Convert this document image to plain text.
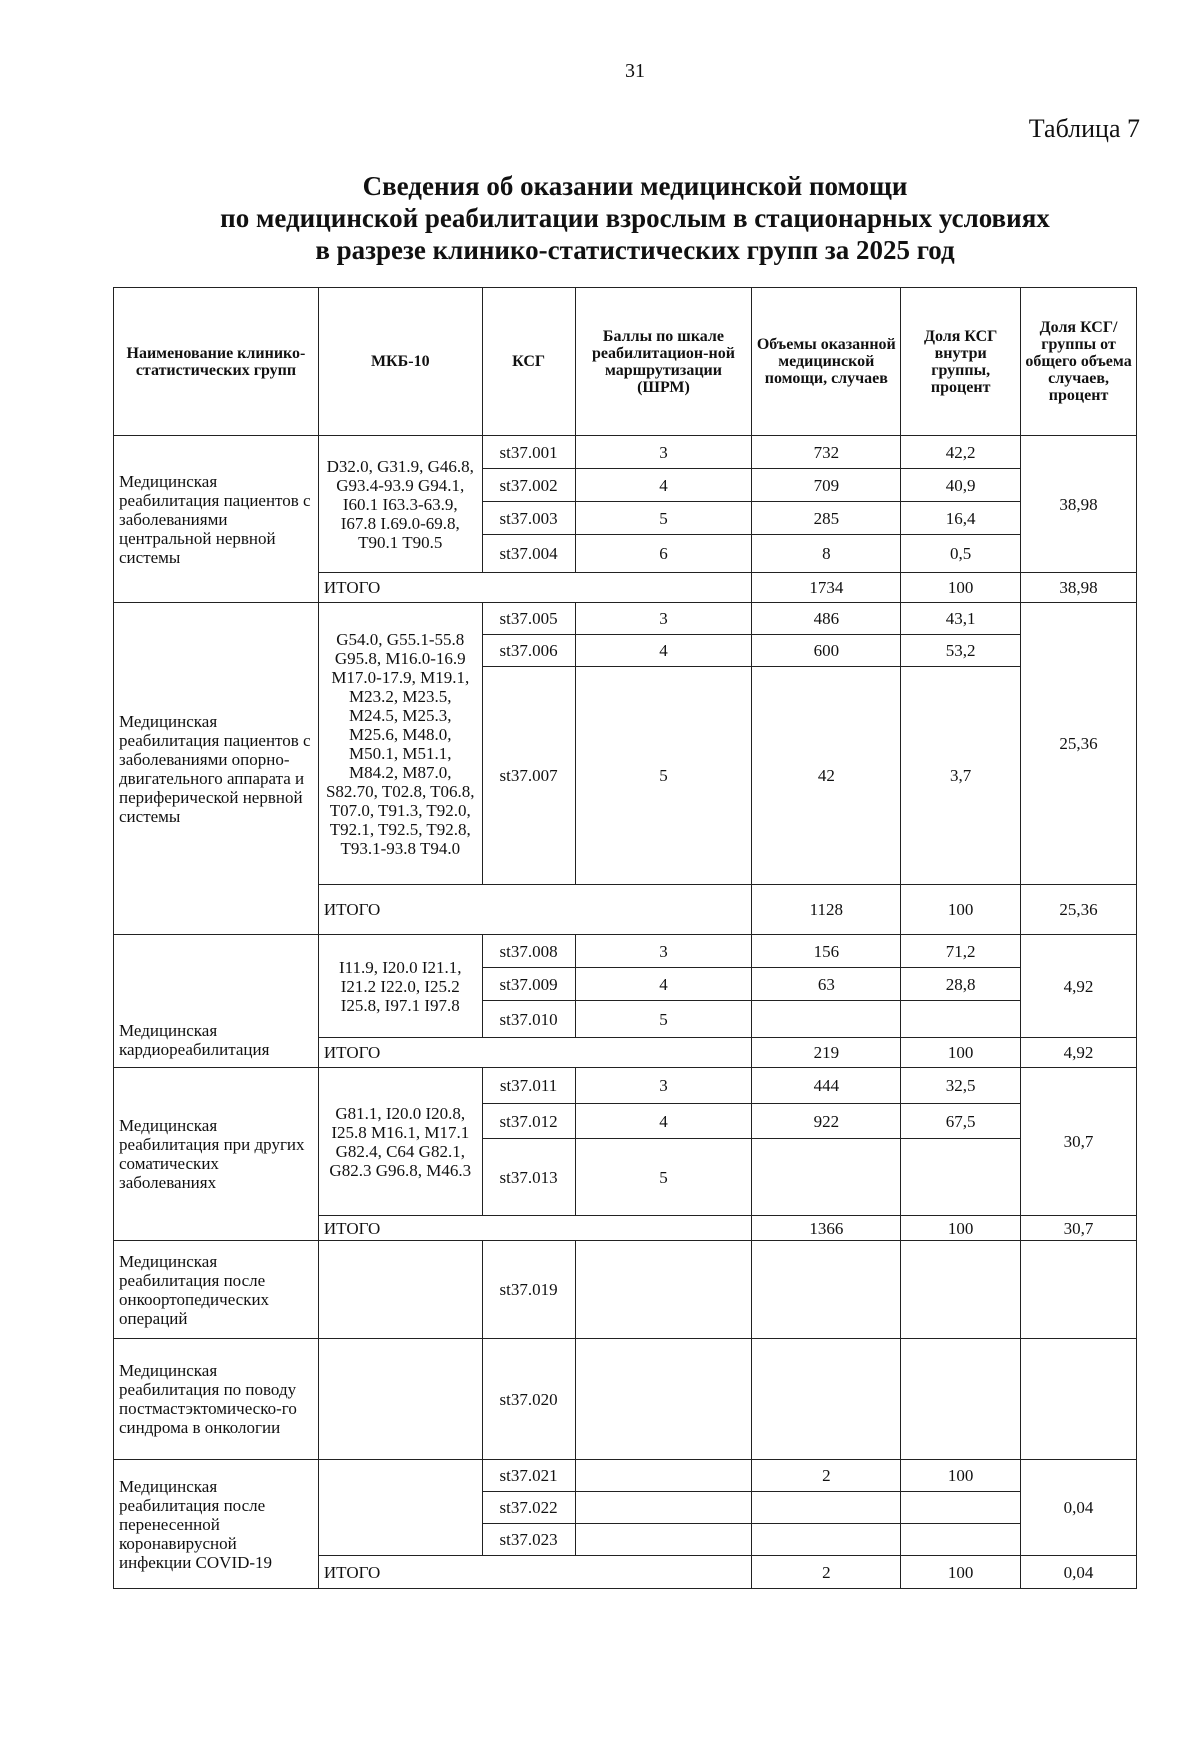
31
Таблица 7
Сведения об оказании медицинской помощи
по медицинской реабилитации взрослым в стационарных условиях
в разрезе клинико-статистических групп за 2025 год
Наименование клинико-статистических групп	МКБ-10	КСГ	Баллы по шкале реабилитацион-ной маршрутизации (ШРМ)	Объемы оказанной медицинской помощи, случаев	Доля КСГ внутри группы, процент	Доля КСГ/ группы от общего объема случаев, процент
Медицинская реабилитация пациентов с заболеваниями центральной нервной системы	D32.0, G31.9, G46.8, G93.4-93.9 G94.1, I60.1 I63.3-63.9, I67.8 I.69.0-69.8, T90.1 T90.5	st37.001	3	732	42,2	38,98
		st37.002	4	709	40,9	
		st37.003	5	285	16,4	
		st37.004	6	8	0,5	
	ИТОГО			1734	100	38,98
Медицинская реабилитация пациентов с заболеваниями опорно-двигательного аппарата и периферической нервной системы	G54.0, G55.1-55.8 G95.8, M16.0-16.9 M17.0-17.9, M19.1, M23.2, M23.5, M24.5, M25.3, M25.6, M48.0, M50.1, M51.1, M84.2, M87.0, S82.70, T02.8, T06.8, T07.0, T91.3, T92.0, T92.1, T92.5, T92.8, T93.1-93.8 T94.0	st37.005	3	486	43,1	25,36
		st37.006	4	600	53,2	
		st37.007	5	42	3,7	
	ИТОГО			1128	100	25,36
Медицинская кардиореабилитация	I11.9, I20.0 I21.1, I21.2 I22.0, I25.2 I25.8, I97.1 I97.8	st37.008	3	156	71,2	4,92
		st37.009	4	63	28,8	
		st37.010	5			
	ИТОГО			219	100	4,92
Медицинская реабилитация при других соматических заболеваниях	G81.1, I20.0 I20.8, I25.8 M16.1, M17.1 G82.4, C64 G82.1, G82.3 G96.8, M46.3	st37.011	3	444	32,5	30,7
		st37.012	4	922	67,5	
		st37.013	5			
	ИТОГО			1366	100	30,7
Медицинская реабилитация после онкоортопедических операций		st37.019				
Медицинская реабилитация по поводу постмастэктомическо-го синдрома в онкологии		st37.020				
Медицинская реабилитация после перенесенной коронавирусной инфекции COVID-19		st37.021		2	100	0,04
		st37.022				
		st37.023				
	ИТОГО			2	100	0,04
